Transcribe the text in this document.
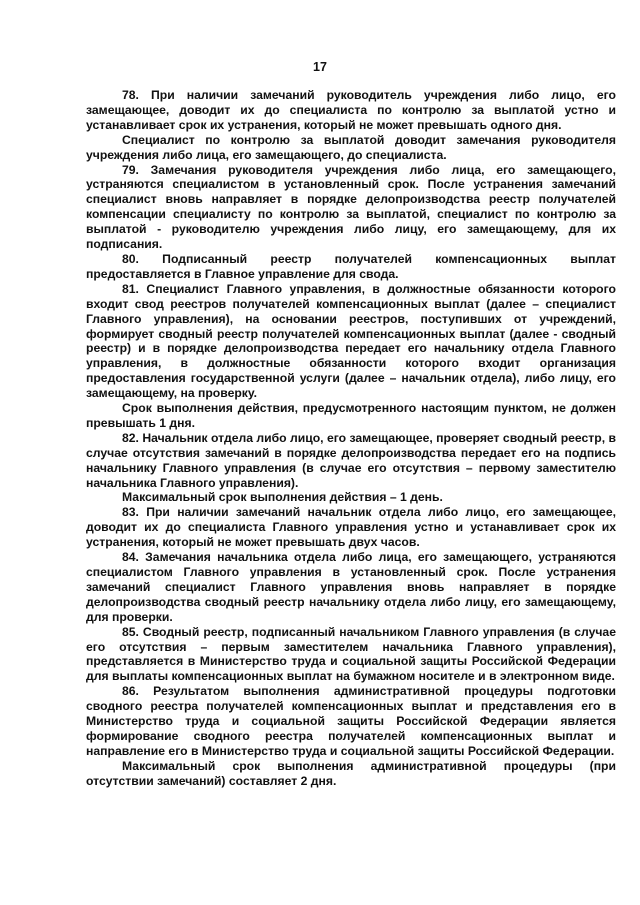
17

78. При наличии замечаний руководитель учреждения либо лицо, его замещающее, доводит их до специалиста по контролю за выплатой устно и устанавливает срок их устранения, который не может превышать одного дня.

Специалист по контролю за выплатой доводит замечания руководителя учреждения либо лица, его замещающего, до специалиста.

79. Замечания руководителя учреждения либо лица, его замещающего, устраняются специалистом в установленный срок. После устранения замечаний специалист вновь направляет в порядке делопроизводства реестр получателей компенсации специалисту по контролю за выплатой, специалист по контролю за выплатой - руководителю учреждения либо лицу, его замещающему, для их подписания.

80. Подписанный реестр получателей компенсационных выплат предоставляется в Главное управление для свода.

81. Специалист Главного управления, в должностные обязанности которого входит свод реестров получателей компенсационных выплат (далее – специалист Главного управления), на основании реестров, поступивших от учреждений, формирует сводный реестр получателей компенсационных выплат (далее - сводный реестр) и в порядке делопроизводства передает его начальнику отдела Главного управления, в должностные обязанности которого входит организация предоставления государственной услуги (далее – начальник отдела), либо лицу, его замещающему, на проверку.

Срок выполнения действия, предусмотренного настоящим пунктом, не должен превышать 1 дня.

82. Начальник отдела либо лицо, его замещающее, проверяет сводный реестр, в случае отсутствия замечаний в порядке делопроизводства передает его на подпись начальнику Главного управления (в случае его отсутствия – первому заместителю начальника Главного управления).

Максимальный срок выполнения действия – 1 день.

83. При наличии замечаний начальник отдела либо лицо, его замещающее, доводит их до специалиста Главного управления устно и устанавливает срок их устранения, который не может превышать двух часов.

84. Замечания начальника отдела либо лица, его замещающего, устраняются специалистом Главного управления в установленный срок. После устранения замечаний специалист Главного управления вновь направляет в порядке делопроизводства сводный реестр начальнику отдела либо лицу, его замещающему, для проверки.

85. Сводный реестр, подписанный начальником Главного управления (в случае его отсутствия – первым заместителем начальника Главного управления), представляется в Министерство труда и социальной защиты Российской Федерации для выплаты компенсационных выплат на бумажном носителе и в электронном виде.

86. Результатом выполнения административной процедуры подготовки сводного реестра получателей компенсационных выплат и представления его в Министерство труда и социальной защиты Российской Федерации является формирование сводного реестра получателей компенсационных выплат и направление его в Министерство труда и социальной защиты Российской Федерации.

Максимальный срок выполнения административной процедуры (при отсутствии замечаний) составляет 2 дня.
